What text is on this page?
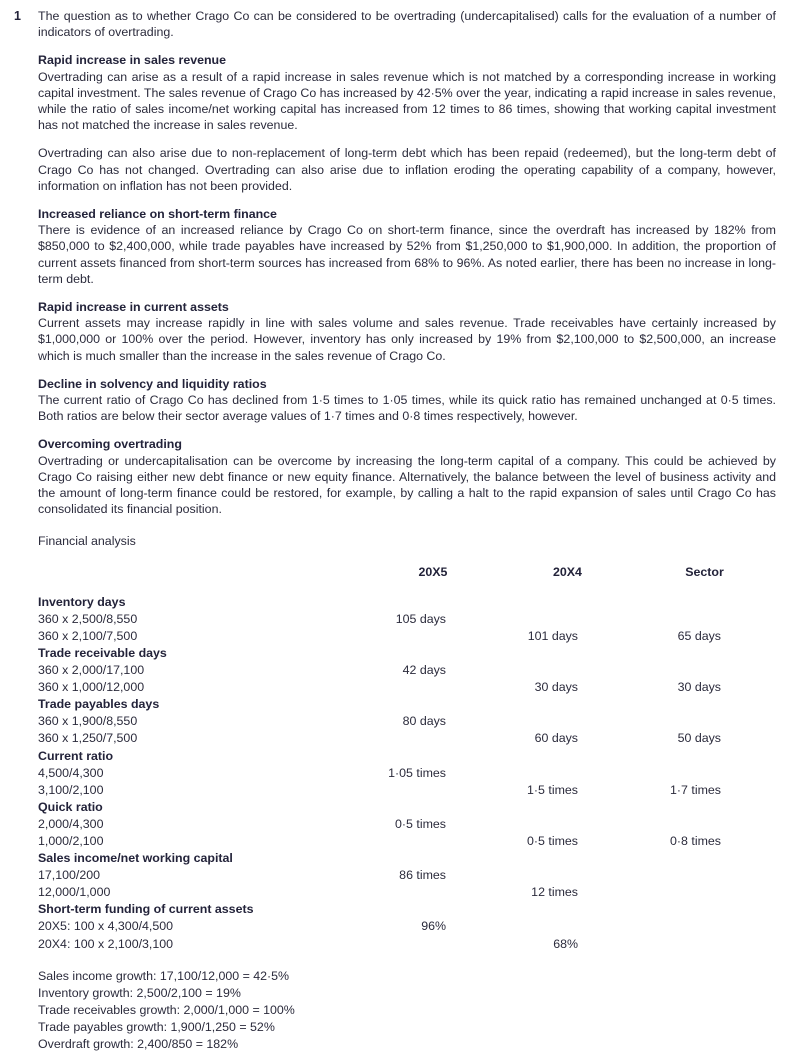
1 The question as to whether Crago Co can be considered to be overtrading (undercapitalised) calls for the evaluation of a number of indicators of overtrading.

Rapid increase in sales revenue

Overtrading can arise as a result of a rapid increase in sales revenue which is not matched by a corresponding increase in working capital investment. The sales revenue of Crago Co has increased by 42·5% over the year, indicating a rapid increase in sales revenue, while the ratio of sales income/net working capital has increased from 12 times to 86 times, showing that working capital investment has not matched the increase in sales revenue.

Overtrading can also arise due to non-replacement of long-term debt which has been repaid (redeemed), but the long-term debt of Crago Co has not changed. Overtrading can also arise due to inflation eroding the operating capability of a company, however, information on inflation has not been provided.

Increased reliance on short-term finance

There is evidence of an increased reliance by Crago Co on short-term finance, since the overdraft has increased by 182% from $850,000 to $2,400,000, while trade payables have increased by 52% from $1,250,000 to $1,900,000. In addition, the proportion of current assets financed from short-term sources has increased from 68% to 96%. As noted earlier, there has been no increase in long-term debt.

Rapid increase in current assets

Current assets may increase rapidly in line with sales volume and sales revenue. Trade receivables have certainly increased by $1,000,000 or 100% over the period. However, inventory has only increased by 19% from $2,100,000 to $2,500,000, an increase which is much smaller than the increase in the sales revenue of Crago Co.

Decline in solvency and liquidity ratios

The current ratio of Crago Co has declined from 1·5 times to 1·05 times, while its quick ratio has remained unchanged at 0·5 times. Both ratios are below their sector average values of 1·7 times and 0·8 times respectively, however.

Overcoming overtrading

Overtrading or undercapitalisation can be overcome by increasing the long-term capital of a company. This could be achieved by Crago Co raising either new debt finance or new equity finance. Alternatively, the balance between the level of business activity and the amount of long-term finance could be restored, for example, by calling a halt to the rapid expansion of sales until Crago Co has consolidated its financial position.

Financial analysis
	20X5	20X4	Sector
Inventory days			
360 x 2,500/8,550	105 days		
360 x 2,100/7,500		101 days	65 days
Trade receivable days			
360 x 2,000/17,100	42 days		
360 x 1,000/12,000		30 days	30 days
Trade payables days			
360 x 1,900/8,550	80 days		
360 x 1,250/7,500		60 days	50 days
Current ratio			
4,500/4,300	1·05 times		
3,100/2,100		1·5 times	1·7 times
Quick ratio			
2,000/4,300	0·5 times		
1,000/2,100		0·5 times	0·8 times
Sales income/net working capital			
17,100/200	86 times		
12,000/1,000		12 times	
Short-term funding of current assets			
20X5: 100 x 4,300/4,500	96%		
20X4: 100 x 2,100/3,100		68%	
Sales income growth: 17,100/12,000 = 42·5%
Inventory growth: 2,500/2,100 = 19%
Trade receivables growth: 2,000/1,000 = 100%
Trade payables growth: 1,900/1,250 = 52%
Overdraft growth: 2,400/850 = 182%
